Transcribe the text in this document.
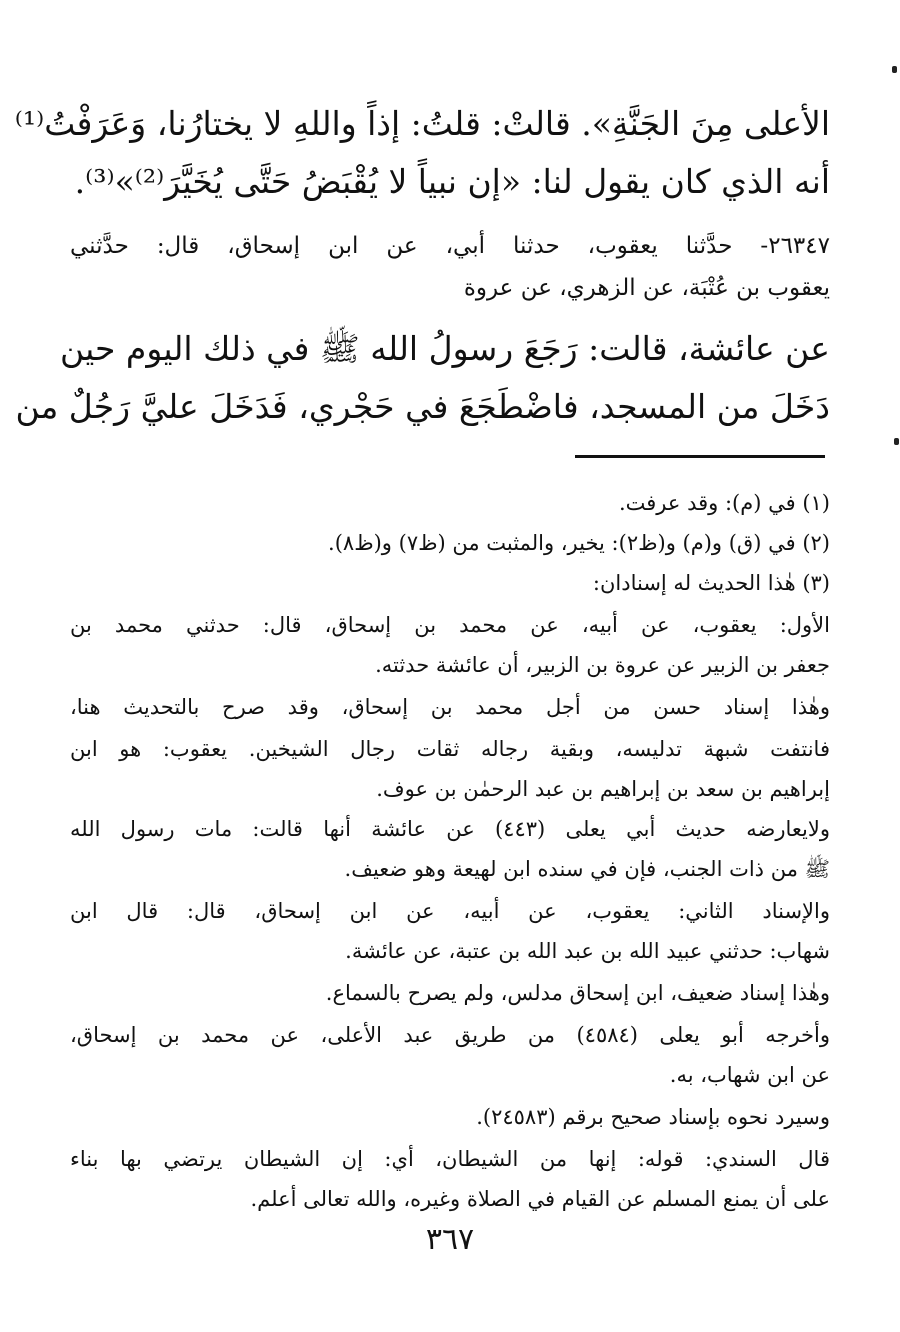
الأعلى مِنَ الجَنَّةِ». قالتْ: قلتُ: إذاً واللهِ لا يختارُنا، وَعَرَفْتُ⁽¹⁾
أنه الذي كان يقول لنا: «إن نبياً لا يُقْبَضُ حَتَّى يُخَيَّرَ⁽²⁾»⁽³⁾.
٢٦٣٤٧- حدَّثنا يعقوب، حدثنا أبي، عن ابن إسحاق، قال: حدَّثني
يعقوب بن عُتْبَة، عن الزهري، عن عروة
عن عائشة، قالت: رَجَعَ رسولُ الله ﷺ في ذلك اليوم حين
دَخَلَ من المسجد، فاضْطَجَعَ في حَجْري، فَدَخَلَ عليَّ رَجُلٌ من
(١) في (م): وقد عرفت.
(٢) في (ق) و(م) و(ظ٢): يخير، والمثبت من (ظ٧) و(ظ٨).
(٣) هٰذا الحديث له إسنادان:
الأول: يعقوب، عن أبيه، عن محمد بن إسحاق، قال: حدثني محمد بن
جعفر بن الزبير عن عروة بن الزبير، أن عائشة حدثته.
وهٰذا إسناد حسن من أجل محمد بن إسحاق، وقد صرح بالتحديث هنا،
فانتفت شبهة تدليسه، وبقية رجاله ثقات رجال الشيخين. يعقوب: هو ابن
إبراهيم بن سعد بن إبراهيم بن عبد الرحمٰن بن عوف.
ولايعارضه حديث أبي يعلى (٤٤٣) عن عائشة أنها قالت: مات رسول الله
ﷺ من ذات الجنب، فإن في سنده ابن لهيعة وهو ضعيف.
والإسناد الثاني: يعقوب، عن أبيه، عن ابن إسحاق، قال: قال ابن
شهاب: حدثني عبيد الله بن عبد الله بن عتبة، عن عائشة.
وهٰذا إسناد ضعيف، ابن إسحاق مدلس، ولم يصرح بالسماع.
وأخرجه أبو يعلى (٤٥٨٤) من طريق عبد الأعلى، عن محمد بن إسحاق،
عن ابن شهاب، به.
وسيرد نحوه بإسناد صحيح برقم (٢٤٥٨٣).
قال السندي: قوله: إنها من الشيطان، أي: إن الشيطان يرتضي بها بناء
على أن يمنع المسلم عن القيام في الصلاة وغيره، والله تعالى أعلم.
٣٦٧
